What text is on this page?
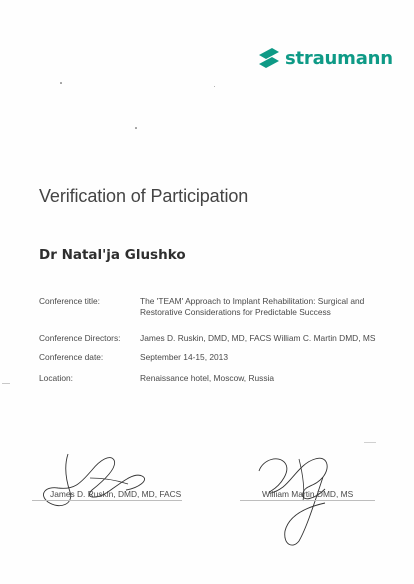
straumann
Verification of Participation
Dr Natal'ja Glushko
Conference title:	The 'TEAM' Approach to Implant Rehabilitation: Surgical and Restorative Considerations for Predictable Success
Conference Directors:	James D. Ruskin, DMD, MD, FACS William C. Martin DMD, MS
Conference date:	September 14-15, 2013
Location:	Renaissance hotel, Moscow, Russia
James D. Ruskin, DMD, MD, FACS	William Martin DMD, MS
